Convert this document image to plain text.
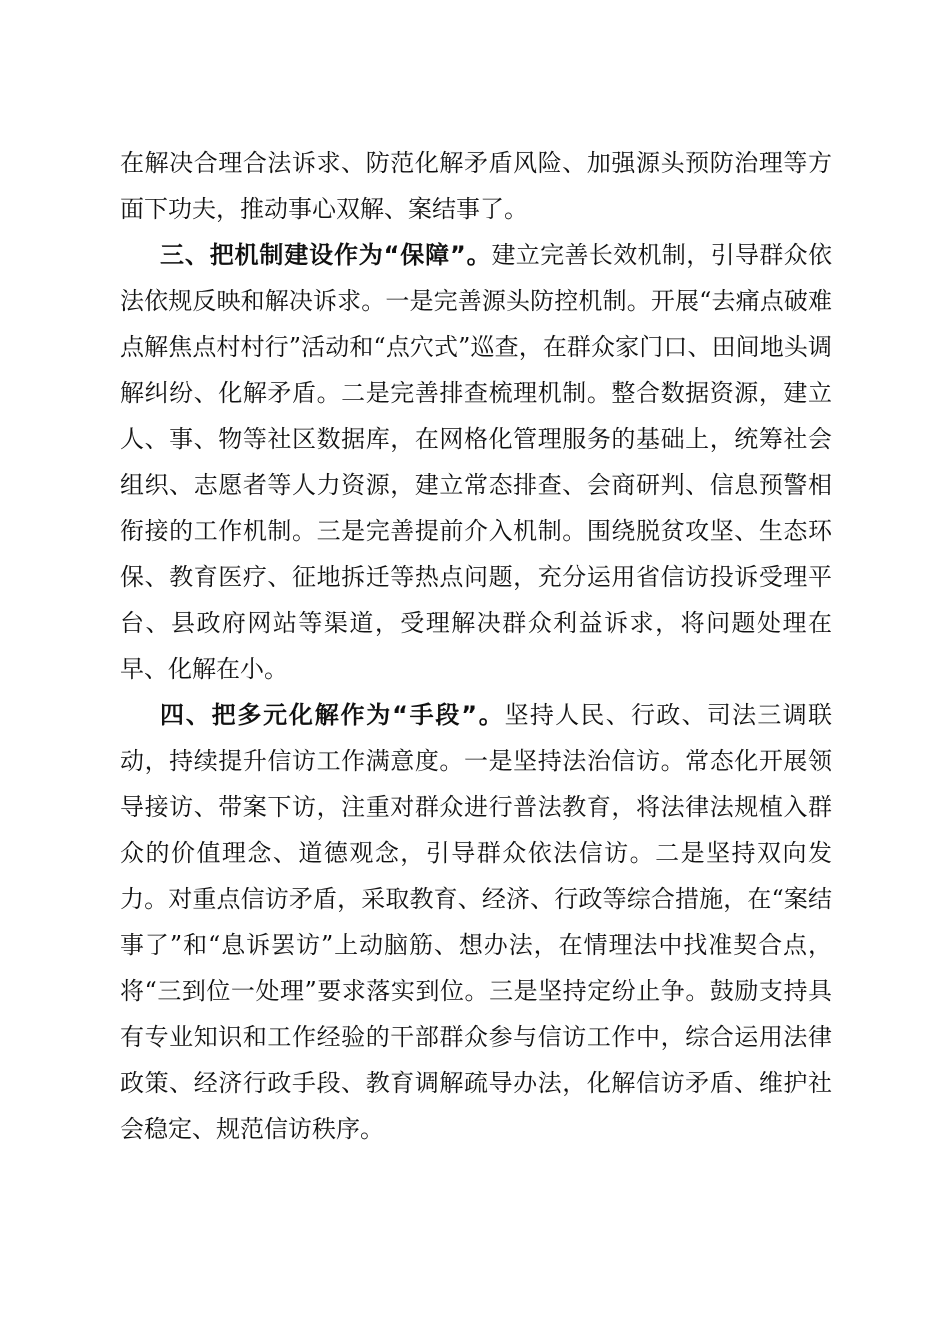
在解决合理合法诉求、防范化解矛盾风险、加强源头预防治理等方面下功夫，推动事心双解、案结事了。

三、把机制建设作为“保障”。建立完善长效机制，引导群众依法依规反映和解决诉求。一是完善源头防控机制。开展“去痛点破难点解焦点村村行”活动和“点穴式”巡查，在群众家门口、田间地头调解纠纷、化解矛盾。二是完善排查梳理机制。整合数据资源，建立人、事、物等社区数据库，在网格化管理服务的基础上，统筹社会组织、志愿者等人力资源，建立常态排查、会商研判、信息预警相衔接的工作机制。三是完善提前介入机制。围绕脱贫攻坚、生态环保、教育医疗、征地拆迁等热点问题，充分运用省信访投诉受理平台、县政府网站等渠道，受理解决群众利益诉求，将问题处理在早、化解在小。

四、把多元化解作为“手段”。坚持人民、行政、司法三调联动，持续提升信访工作满意度。一是坚持法治信访。常态化开展领导接访、带案下访，注重对群众进行普法教育，将法律法规植入群众的价值理念、道德观念，引导群众依法信访。二是坚持双向发力。对重点信访矛盾，采取教育、经济、行政等综合措施，在“案结事了”和“息诉罢访”上动脑筋、想办法，在情理法中找准契合点，将“三到位一处理”要求落实到位。三是坚持定纷止争。鼓励支持具有专业知识和工作经验的干部群众参与信访工作中，综合运用法律政策、经济行政手段、教育调解疏导办法，化解信访矛盾、维护社会稳定、规范信访秩序。
